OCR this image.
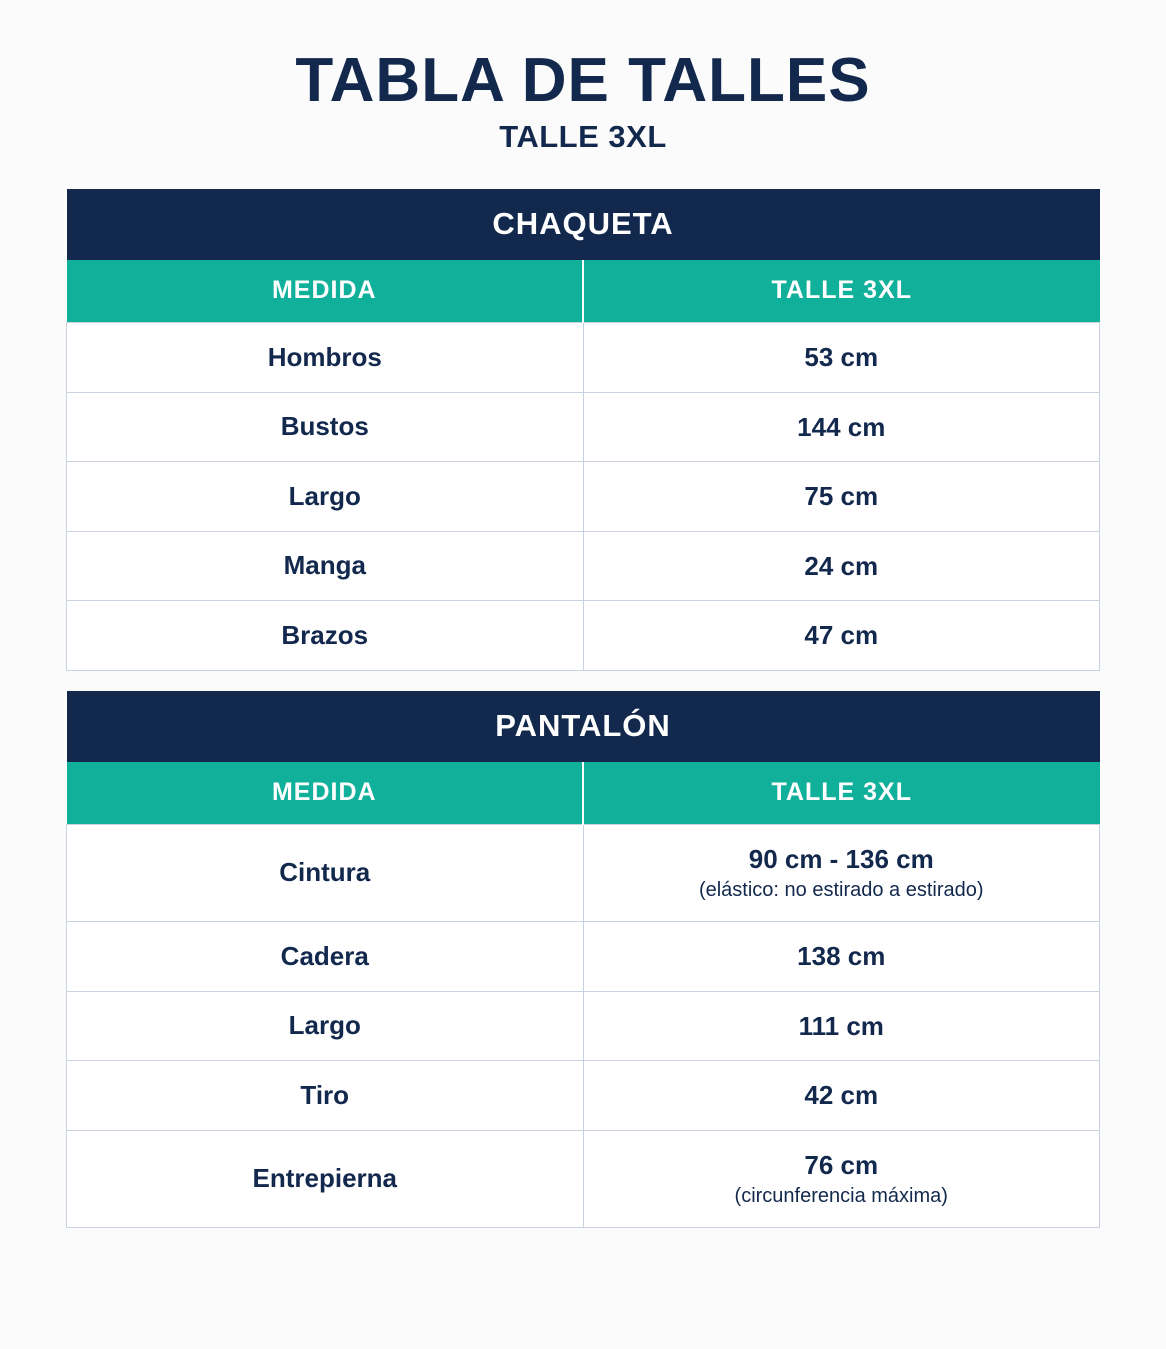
TABLA DE TALLES
TALLE 3XL
CHAQUETA	
MEDIDA	TALLE 3XL
Hombros	53 cm

Bustos	144 cm

Largo	75 cm

Manga	24 cm

Brazos	47 cm
PANTALÓN	
MEDIDA	TALLE 3XL
Cintura	90 cm - 136 cm
(elástico: no estirado a estirado)

Cadera	138 cm

Largo	111 cm

Tiro	42 cm

Entrepierna	76 cm
(circunferencia máxima)
